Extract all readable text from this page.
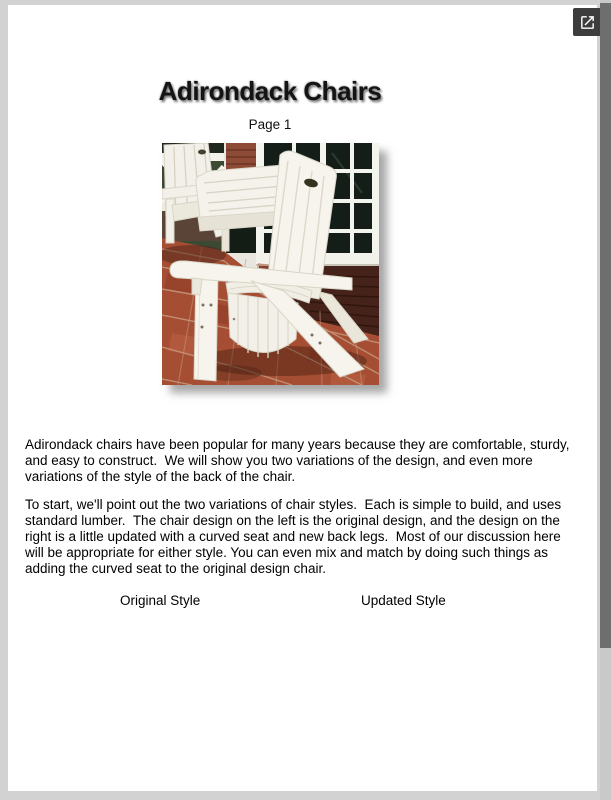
Adirondack Chairs
Page 1

Adirondack chairs have been popular for many years because they are comfortable, sturdy, and easy to construct.  We will show you two variations of the design, and even more variations of the style of the back of the chair.

To start, we'll point out the two variations of chair styles.  Each is simple to build, and uses standard lumber.  The chair design on the left is the original design, and the design on the right is a little updated with a curved seat and new back legs.  Most of our discussion here will be appropriate for either style. You can even mix and match by doing such things as adding the curved seat to the original design chair.

Original Style	Updated Style
